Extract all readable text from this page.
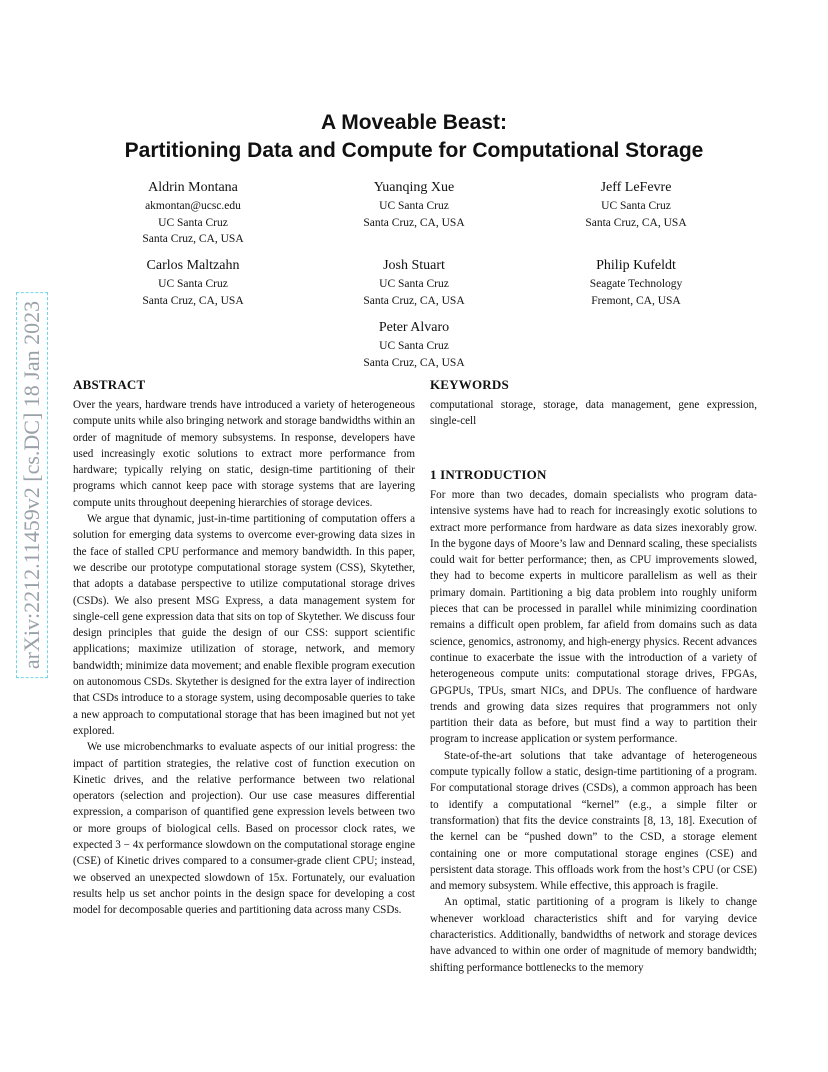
arXiv:2212.11459v2 [cs.DC] 18 Jan 2023
A Moveable Beast:
Partitioning Data and Compute for Computational Storage
Aldrin Montana
akmontan@ucsc.edu
UC Santa Cruz
Santa Cruz, CA, USA
Yuanqing Xue
UC Santa Cruz
Santa Cruz, CA, USA
Jeff LeFevre
UC Santa Cruz
Santa Cruz, CA, USA
Carlos Maltzahn
UC Santa Cruz
Santa Cruz, CA, USA
Josh Stuart
UC Santa Cruz
Santa Cruz, CA, USA
Philip Kufeldt
Seagate Technology
Fremont, CA, USA
Peter Alvaro
UC Santa Cruz
Santa Cruz, CA, USA
ABSTRACT

Over the years, hardware trends have introduced a variety of heterogeneous compute units while also bringing network and storage bandwidths within an order of magnitude of memory subsystems. In response, developers have used increasingly exotic solutions to extract more performance from hardware; typically relying on static, design-time partitioning of their programs which cannot keep pace with storage systems that are layering compute units throughout deepening hierarchies of storage devices.

We argue that dynamic, just-in-time partitioning of computation offers a solution for emerging data systems to overcome ever-growing data sizes in the face of stalled CPU performance and memory bandwidth. In this paper, we describe our prototype computational storage system (CSS), Skytether, that adopts a database perspective to utilize computational storage drives (CSDs). We also present MSG Express, a data management system for single-cell gene expression data that sits on top of Skytether. We discuss four design principles that guide the design of our CSS: support scientific applications; maximize utilization of storage, network, and memory bandwidth; minimize data movement; and enable flexible program execution on autonomous CSDs. Skytether is designed for the extra layer of indirection that CSDs introduce to a storage system, using decomposable queries to take a new approach to computational storage that has been imagined but not yet explored.

We use microbenchmarks to evaluate aspects of our initial progress: the impact of partition strategies, the relative cost of function execution on Kinetic drives, and the relative performance between two relational operators (selection and projection). Our use case measures differential expression, a comparison of quantified gene expression levels between two or more groups of biological cells. Based on processor clock rates, we expected 3 − 4x performance slowdown on the computational storage engine (CSE) of Kinetic drives compared to a consumer-grade client CPU; instead, we observed an unexpected slowdown of 15x. Fortunately, our evaluation results help us set anchor points in the design space for developing a cost model for decomposable queries and partitioning data across many CSDs.

KEYWORDS

computational storage, storage, data management, gene expression, single-cell

1 INTRODUCTION

For more than two decades, domain specialists who program data-intensive systems have had to reach for increasingly exotic solutions to extract more performance from hardware as data sizes inexorably grow. In the bygone days of Moore’s law and Dennard scaling, these specialists could wait for better performance; then, as CPU improvements slowed, they had to become experts in multicore parallelism as well as their primary domain. Partitioning a big data problem into roughly uniform pieces that can be processed in parallel while minimizing coordination remains a difficult open problem, far afield from domains such as data science, genomics, astronomy, and high-energy physics. Recent advances continue to exacerbate the issue with the introduction of a variety of heterogeneous compute units: computational storage drives, FPGAs, GPGPUs, TPUs, smart NICs, and DPUs. The confluence of hardware trends and growing data sizes requires that programmers not only partition their data as before, but must find a way to partition their program to increase application or system performance.

State-of-the-art solutions that take advantage of heterogeneous compute typically follow a static, design-time partitioning of a program. For computational storage drives (CSDs), a common approach has been to identify a computational “kernel” (e.g., a simple filter or transformation) that fits the device constraints [8, 13, 18]. Execution of the kernel can be “pushed down” to the CSD, a storage element containing one or more computational storage engines (CSE) and persistent data storage. This offloads work from the host’s CPU (or CSE) and memory subsystem. While effective, this approach is fragile.

An optimal, static partitioning of a program is likely to change whenever workload characteristics shift and for varying device characteristics. Additionally, bandwidths of network and storage devices have advanced to within one order of magnitude of memory bandwidth; shifting performance bottlenecks to the memory
